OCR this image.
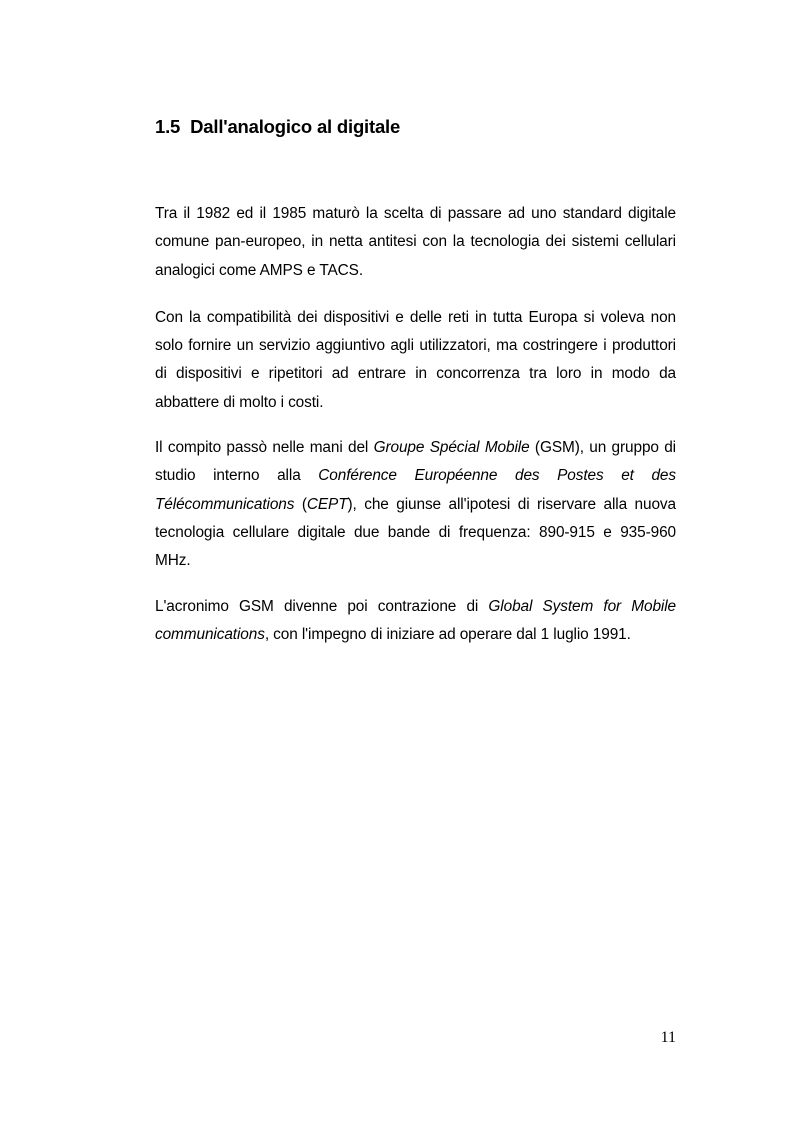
1.5 Dall'analogico al digitale

Tra il 1982 ed il 1985 maturò la scelta di passare ad uno standard digitale comune pan-europeo, in netta antitesi con la tecnologia dei sistemi cellulari analogici come AMPS e TACS.

Con la compatibilità dei dispositivi e delle reti in tutta Europa si voleva non solo fornire un servizio aggiuntivo agli utilizzatori, ma costringere i produttori di dispositivi e ripetitori ad entrare in concorrenza tra loro in modo da abbattere di molto i costi.

Il compito passò nelle mani del Groupe Spécial Mobile (GSM), un gruppo di studio interno alla Conférence Européenne des Postes et des Télécommunications (CEPT), che giunse all'ipotesi di riservare alla nuova tecnologia cellulare digitale due bande di frequenza: 890-915 e 935-960 MHz.

L'acronimo GSM divenne poi contrazione di Global System for Mobile communications, con l'impegno di iniziare ad operare dal 1 luglio 1991.

11
